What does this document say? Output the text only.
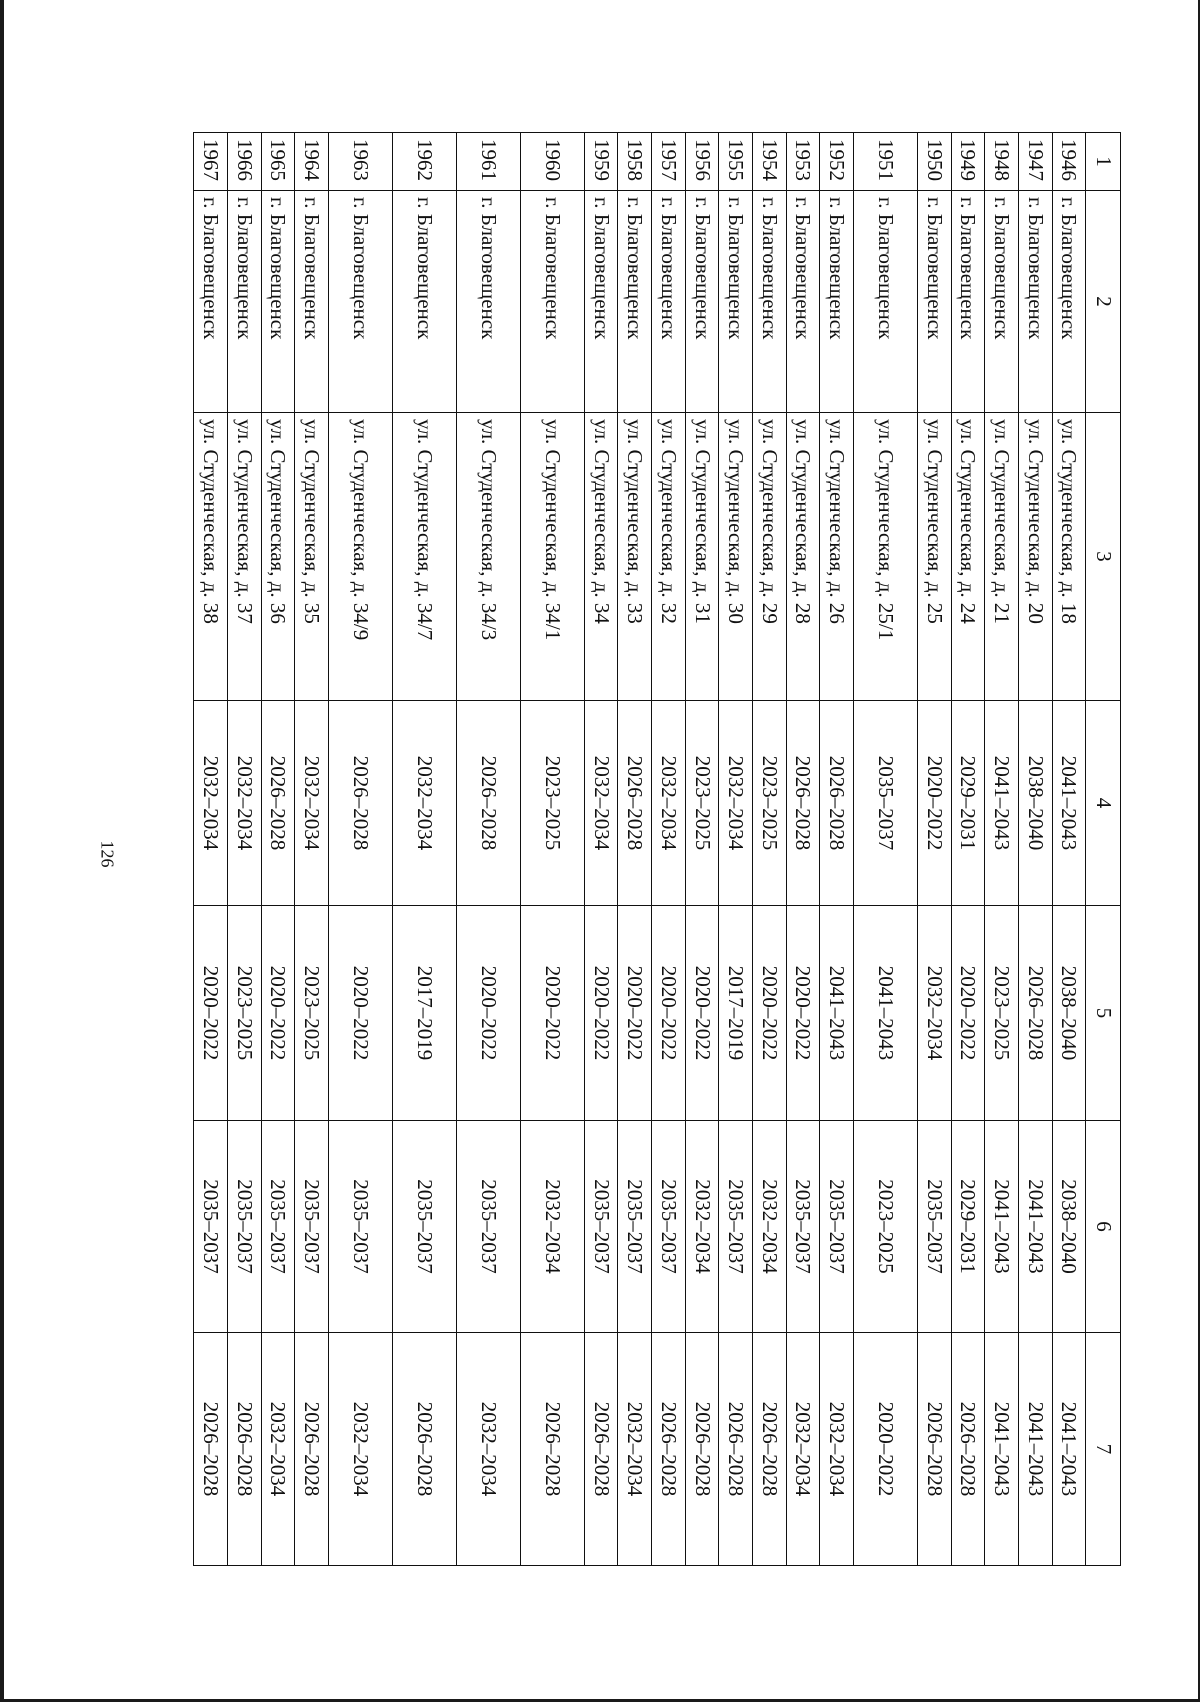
126
1	2	3	4	5	6	7
1946	г. Благовещенск	ул. Студенческая, д. 18	2041–2043	2038–2040	2038–2040	2041–2043
1947	г. Благовещенск	ул. Студенческая, д. 20	2038–2040	2026–2028	2041–2043	2041–2043
1948	г. Благовещенск	ул. Студенческая, д. 21	2041–2043	2023–2025	2041–2043	2041–2043
1949	г. Благовещенск	ул. Студенческая, д. 24	2029–2031	2020–2022	2029–2031	2026–2028
1950	г. Благовещенск	ул. Студенческая, д. 25	2020–2022	2032–2034	2035–2037	2026–2028
1951	г. Благовещенск	ул. Студенческая, д. 25/1	2035–2037	2041–2043	2023–2025	2020–2022
1952	г. Благовещенск	ул. Студенческая, д. 26	2026–2028	2041–2043	2035–2037	2032–2034
1953	г. Благовещенск	ул. Студенческая, д. 28	2026–2028	2020–2022	2035–2037	2032–2034
1954	г. Благовещенск	ул. Студенческая, д. 29	2023–2025	2020–2022	2032–2034	2026–2028
1955	г. Благовещенск	ул. Студенческая, д. 30	2032–2034	2017–2019	2035–2037	2026–2028
1956	г. Благовещенск	ул. Студенческая, д. 31	2023–2025	2020–2022	2032–2034	2026–2028
1957	г. Благовещенск	ул. Студенческая, д. 32	2032–2034	2020–2022	2035–2037	2026–2028
1958	г. Благовещенск	ул. Студенческая, д. 33	2026–2028	2020–2022	2035–2037	2032–2034
1959	г. Благовещенск	ул. Студенческая, д. 34	2032–2034	2020–2022	2035–2037	2026–2028
1960	г. Благовещенск	ул. Студенческая, д. 34/1	2023–2025	2020–2022	2032–2034	2026–2028
1961	г. Благовещенск	ул. Студенческая, д. 34/3	2026–2028	2020–2022	2035–2037	2032–2034
1962	г. Благовещенск	ул. Студенческая, д. 34/7	2032–2034	2017–2019	2035–2037	2026–2028
1963	г. Благовещенск	ул. Студенческая, д. 34/9	2026–2028	2020–2022	2035–2037	2032–2034
1964	г. Благовещенск	ул. Студенческая, д. 35	2032–2034	2023–2025	2035–2037	2026–2028
1965	г. Благовещенск	ул. Студенческая, д. 36	2026–2028	2020–2022	2035–2037	2032–2034
1966	г. Благовещенск	ул. Студенческая, д. 37	2032–2034	2023–2025	2035–2037	2026–2028
1967	г. Благовещенск	ул. Студенческая, д. 38	2032–2034	2020–2022	2035–2037	2026–2028
